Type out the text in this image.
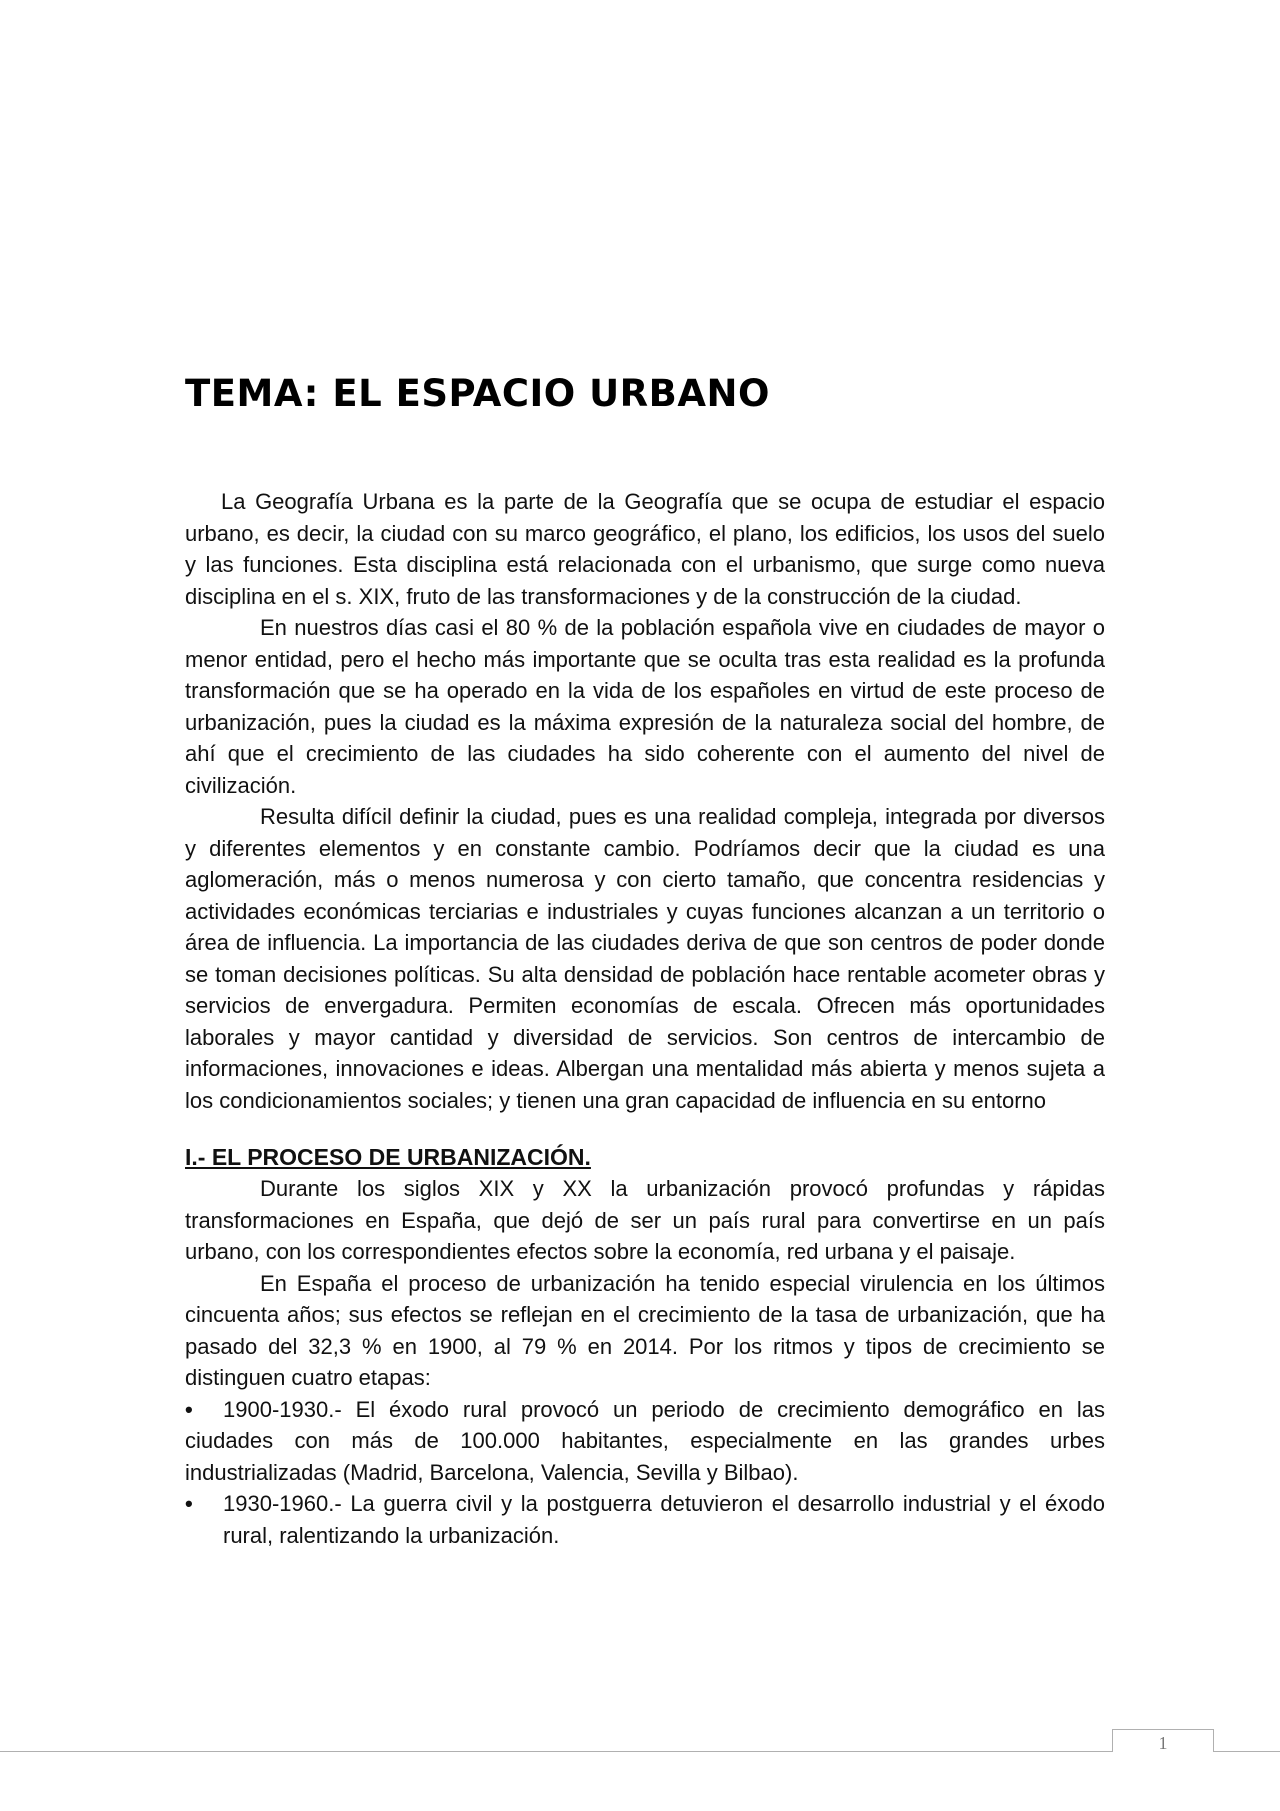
TEMA: EL ESPACIO URBANO

La Geografía Urbana es la parte de la Geografía que se ocupa de estudiar el espacio urbano, es decir, la ciudad con su marco geográfico, el plano, los edificios, los usos del suelo y las funciones. Esta disciplina está relacionada con el urbanismo, que surge como nueva disciplina en el s. XIX, fruto de las transformaciones y de la construcción de la ciudad.

En nuestros días casi el 80 % de la población española vive en ciudades de mayor o menor entidad, pero el hecho más importante que se oculta tras esta realidad es la profunda transformación que se ha operado en la vida de los españoles en virtud de este proceso de urbanización, pues la ciudad es la máxima expresión de la naturaleza social del hombre, de ahí que el crecimiento de las ciudades ha sido coherente con el aumento del nivel de civilización.

Resulta difícil definir la ciudad, pues es una realidad compleja, integrada por diversos y diferentes elementos y en constante cambio. Podríamos decir que la ciudad es una aglomeración, más o menos numerosa y con cierto tamaño, que concentra residencias y actividades económicas terciarias e industriales y cuyas funciones alcanzan a un territorio o área de influencia. La importancia de las ciudades deriva de que son centros de poder donde se toman decisiones políticas. Su alta densidad de población hace rentable acometer obras y servicios de envergadura. Permiten economías de escala. Ofrecen más oportunidades laborales y mayor cantidad y diversidad de servicios. Son centros de intercambio de informaciones, innovaciones e ideas. Albergan una mentalidad más abierta y menos sujeta a los condicionamientos sociales; y tienen una gran capacidad de influencia en su entorno

I.- EL PROCESO DE URBANIZACIÓN.

Durante los siglos XIX y XX la urbanización provocó profundas y rápidas transformaciones en España, que dejó de ser un país rural para convertirse en un país urbano, con los correspondientes efectos sobre la economía, red urbana y el paisaje.

En España el proceso de urbanización ha tenido especial virulencia en los últimos cincuenta años; sus efectos se reflejan en el crecimiento de la tasa de urbanización, que ha pasado del 32,3 % en 1900, al 79 % en 2014. Por los ritmos y tipos de crecimiento se distinguen cuatro etapas:

•	1900-1930.- El éxodo rural provocó un periodo de crecimiento demográfico en las ciudades con más de 100.000 habitantes, especialmente en las grandes urbes industrializadas (Madrid, Barcelona, Valencia, Sevilla y Bilbao).
•	1930-1960.- La guerra civil y la postguerra detuvieron el desarrollo industrial y el éxodo rural, ralentizando la urbanización.
1
